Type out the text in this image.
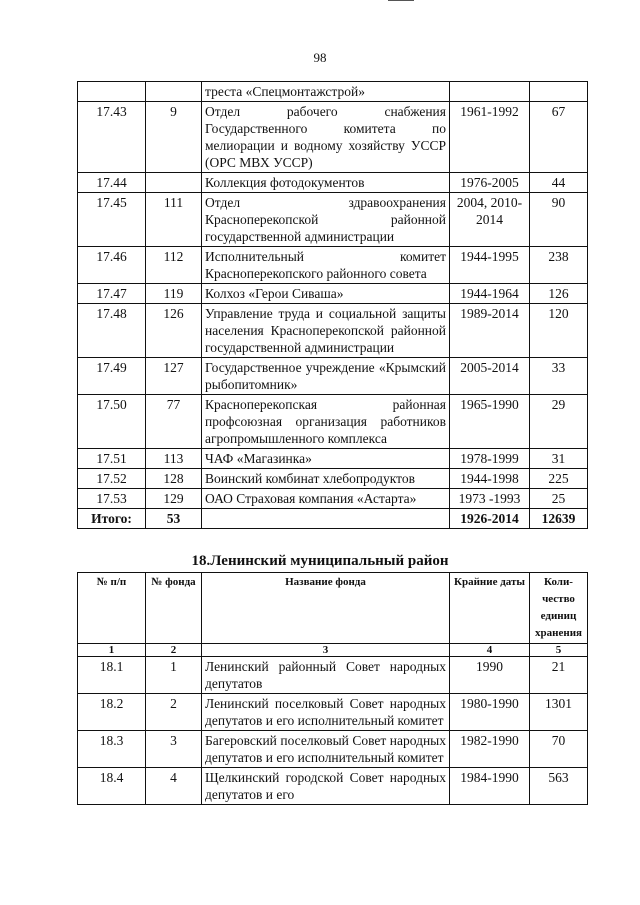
98
		треста «Спецмонтажстрой»		
17.43	9	Отдел рабочего снабжения Государственного комитета по мелиорации и водному хозяйству УССР (ОРС МВХ УССР)	1961-1992	67
17.44		Коллекция фотодокументов	1976-2005	44
17.45	111	Отдел здравоохранения Красноперекопской районной государственной администрации	2004, 2010-2014	90
17.46	112	Исполнительный комитет Красноперекопского районного совета	1944-1995	238
17.47	119	Колхоз «Герои Сиваша»	1944-1964	126
17.48	126	Управление труда и социальной защиты населения Красноперекопской районной государственной администрации	1989-2014	120
17.49	127	Государственное учреждение «Крымский рыбопитомник»	2005-2014	33
17.50	77	Красноперекопская районная профсоюзная организация работников агропромышленного комплекса	1965-1990	29
17.51	113	ЧАФ «Магазинка»	1978-1999	31
17.52	128	Воинский комбинат хлебопродуктов	1944-1998	225
17.53	129	ОАО Страховая компания «Астарта»	1973 -1993	25
Итого:	53		1926-2014	12639
18.Ленинский муниципальный район
№ п/п	№ фонда	Название фонда	Крайние даты	Коли-чество единиц хранения
1	2	3	4	5
18.1	1	Ленинский районный Совет народных депутатов	1990	21
18.2	2	Ленинский поселковый Совет народных депутатов и его исполнительный комитет	1980-1990	1301
18.3	3	Багеровский поселковый Совет народных депутатов и его исполнительный комитет	1982-1990	70
18.4	4	Щелкинский городской Совет народных депутатов и его	1984-1990	563
